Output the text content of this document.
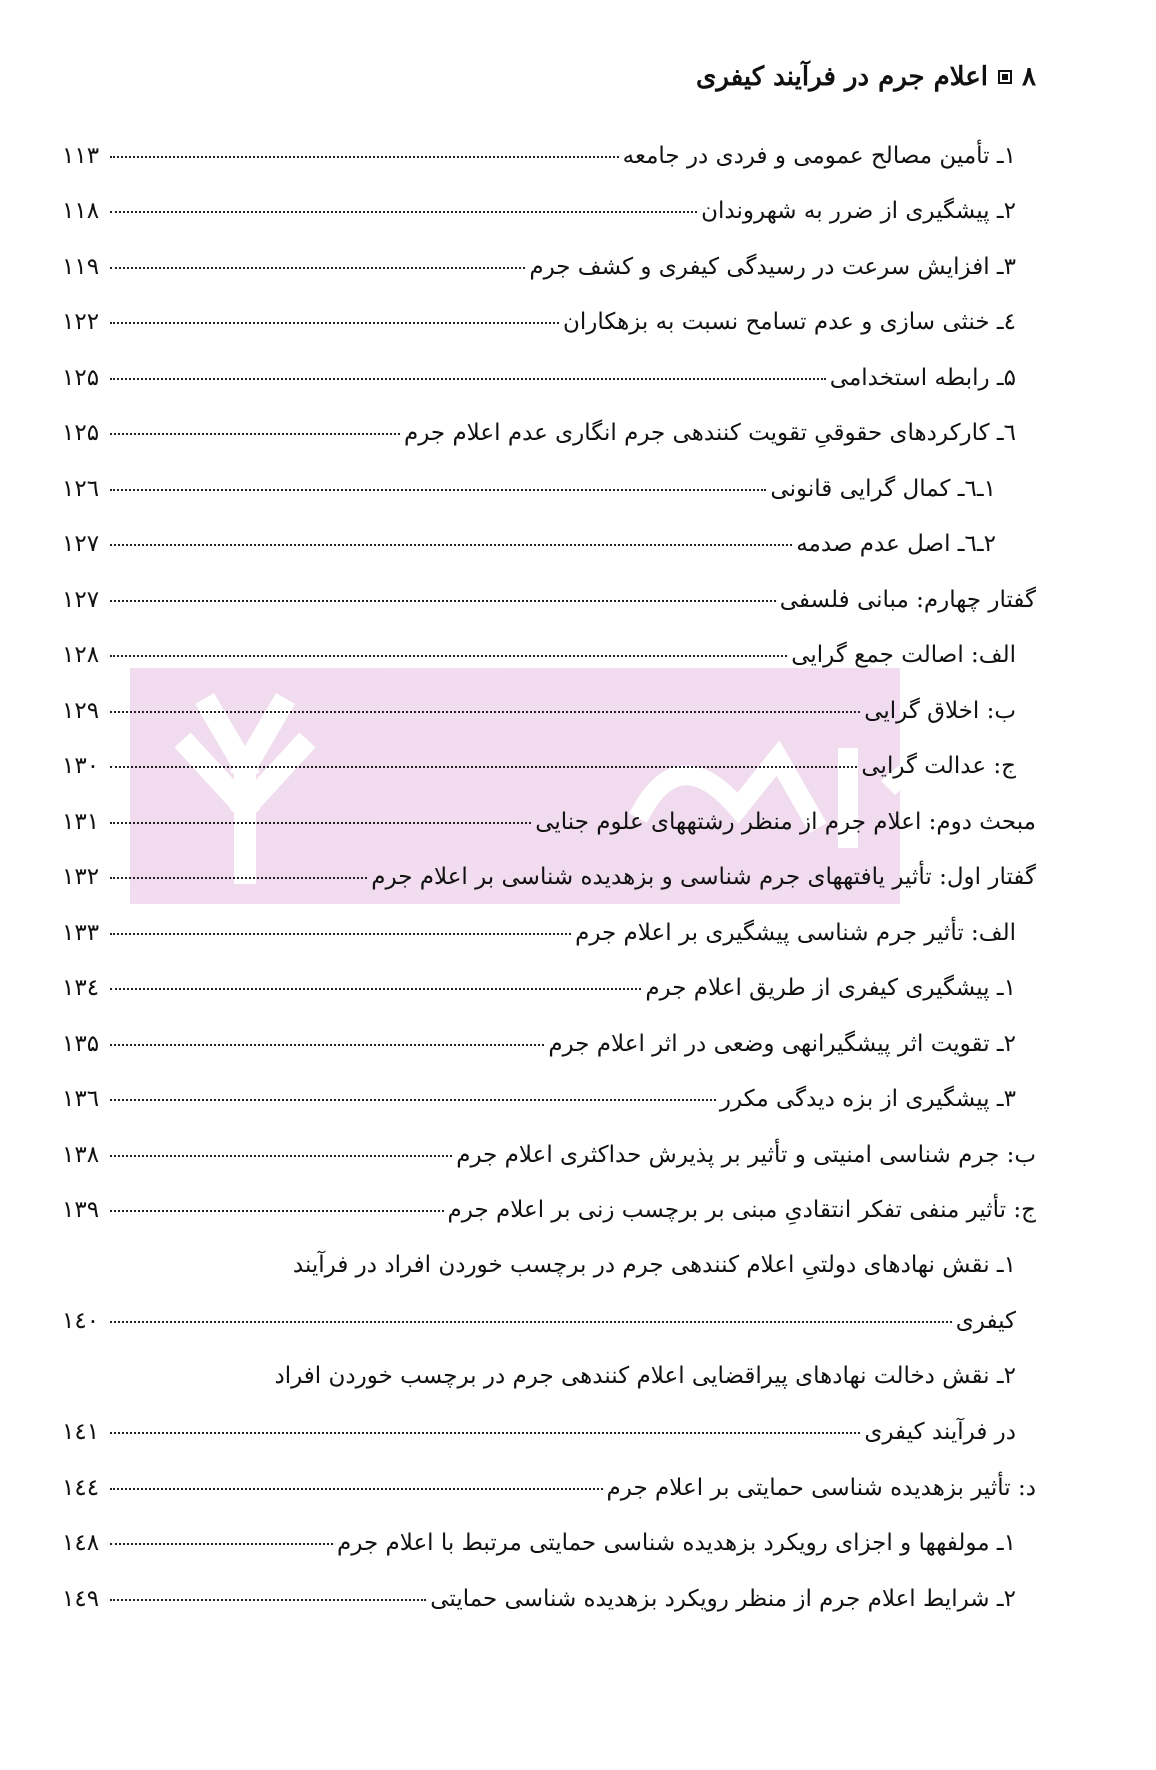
۸
اعلام جرم در فرآیند کیفری
۱ـ تأمین مصالح عمومی و فردی در جامعه
۱۱۳
۲ـ پیشگیری از ضرر به شهروندان
۱۱۸
۳ـ افزایش سرعت در رسیدگی کیفری و کشف جرم
۱۱۹
٤ـ خنثی سازی و عدم تسامح نسبت به بزهکاران
۱۲۲
۵ـ رابطه استخدامی
۱۲۵
٦ـ کارکردهای حقوقیِ تقویت کنندهی جرم انگاری عدم اعلام جرم
۱۲۵
۱ـ٦ـ کمال گرایی قانونی
۱۲٦
۲ـ٦ـ اصل عدم صدمه
۱۲۷
گفتار چهارم: مبانی فلسفی
۱۲۷
الف: اصالت جمع گرایی
۱۲۸
ب: اخلاق گرایی
۱۲۹
ج: عدالت گرایی
۱۳۰
مبحث دوم: اعلام جرم از منظر رشتههای علوم جنایی
۱۳۱
گفتار اول: تأثیر یافتههای جرم شناسی و بزهدیده شناسی بر اعلام جرم
۱۳۲
الف: تأثیر جرم شناسی پیشگیری بر اعلام جرم
۱۳۳
۱ـ پیشگیری کیفری از طریق اعلام جرم
۱۳٤
۲ـ تقویت اثر پیشگیرانهی وضعی در اثر اعلام جرم
۱۳۵
۳ـ پیشگیری از بزه دیدگی مکرر
۱۳٦
ب: جرم شناسی امنیتی و تأثیر بر پذیرش حداکثری اعلام جرم
۱۳۸
ج: تأثیر منفی تفکر انتقادیِ مبنی بر برچسب زنی بر اعلام جرم
۱۳۹
۱ـ نقش نهادهای دولتیِ اعلام کنندهی جرم در برچسب خوردن افراد در فرآیند
کیفری
۱٤۰
۲ـ نقش دخالت نهادهای پیراقضایی اعلام کنندهی جرم در برچسب خوردن افراد
در فرآیند کیفری
۱٤۱
د: تأثیر بزهدیده شناسی حمایتی بر اعلام جرم
۱٤٤
۱ـ مولفهها و اجزای رویکرد بزهدیده شناسی حمایتی مرتبط با اعلام جرم
۱٤۸
۲ـ شرایط اعلام جرم از منظر رویکرد بزهدیده شناسی حمایتی
۱٤۹
